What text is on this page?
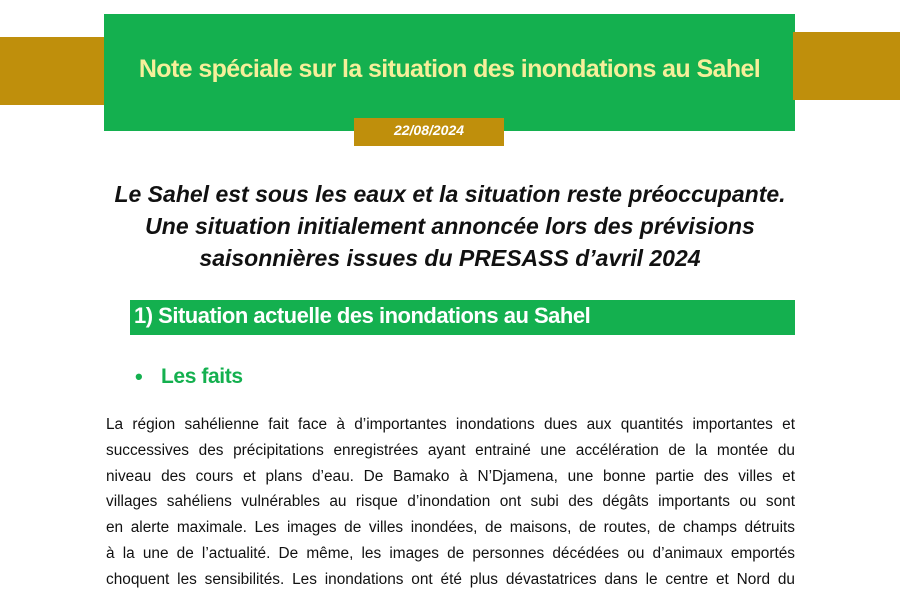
Note spéciale sur la situation des inondations au Sahel
22/08/2024
Le Sahel est sous les eaux et la situation reste préoccupante.
Une situation initialement annoncée lors des prévisions
saisonnières issues du PRESASS d’avril 2024
1) Situation actuelle des inondations au Sahel
• Les faits
La région sahélienne fait face à d’importantes inondations dues aux quantités importantes et
successives des précipitations enregistrées ayant entrainé une accélération de la montée du
niveau des cours et plans d’eau. De Bamako à N’Djamena, une bonne partie des villes et
villages sahéliens vulnérables au risque d’inondation ont subi des dégâts importants ou sont
en alerte maximale. Les images de villes inondées, de maisons, de routes, de champs détruits
à la une de l’actualité. De même, les images de personnes décédées ou d’animaux emportés
choquent les sensibilités. Les inondations ont été plus dévastatrices dans le centre et Nord du
